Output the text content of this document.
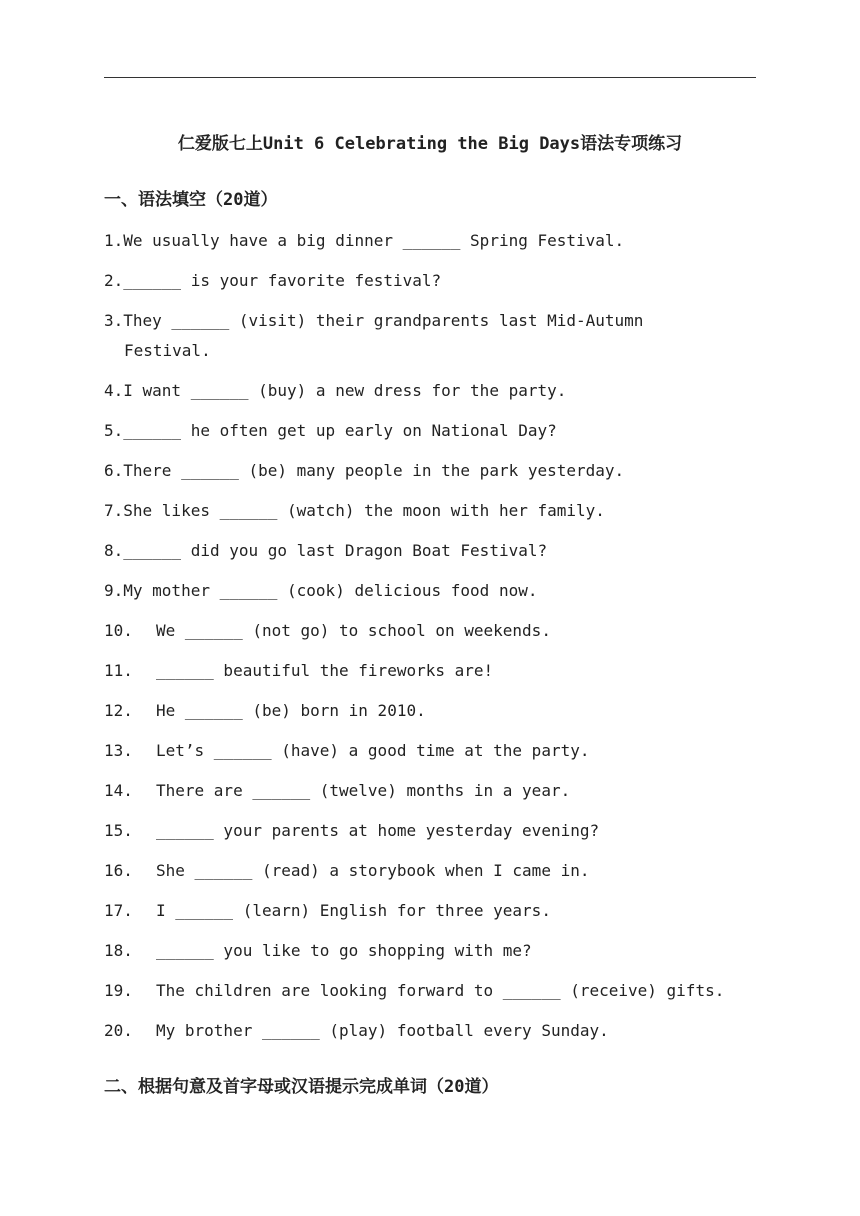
仁爱版七上Unit 6 Celebrating the Big Days语法专项练习
一、语法填空（20道）
1.We usually have a big dinner ______ Spring Festival.
2.______ is your favorite festival?
3.They ______ (visit) their grandparents last Mid-Autumn
Festival.
4.I want ______ (buy) a new dress for the party.
5.______ he often get up early on National Day?
6.There ______ (be) many people in the park yesterday.
7.She likes ______ (watch) the moon with her family.
8.______ did you go last Dragon Boat Festival?
9.My mother ______ (cook) delicious food now.
10. We ______ (not go) to school on weekends.
11. ______ beautiful the fireworks are!
12. He ______ (be) born in 2010.
13. Let’s ______ (have) a good time at the party.
14. There are ______ (twelve) months in a year.
15. ______ your parents at home yesterday evening?
16. She ______ (read) a storybook when I came in.
17. I ______ (learn) English for three years.
18. ______ you like to go shopping with me?
19. The children are looking forward to ______ (receive) gifts.
20. My brother ______ (play) football every Sunday.
二、根据句意及首字母或汉语提示完成单词（20道）
